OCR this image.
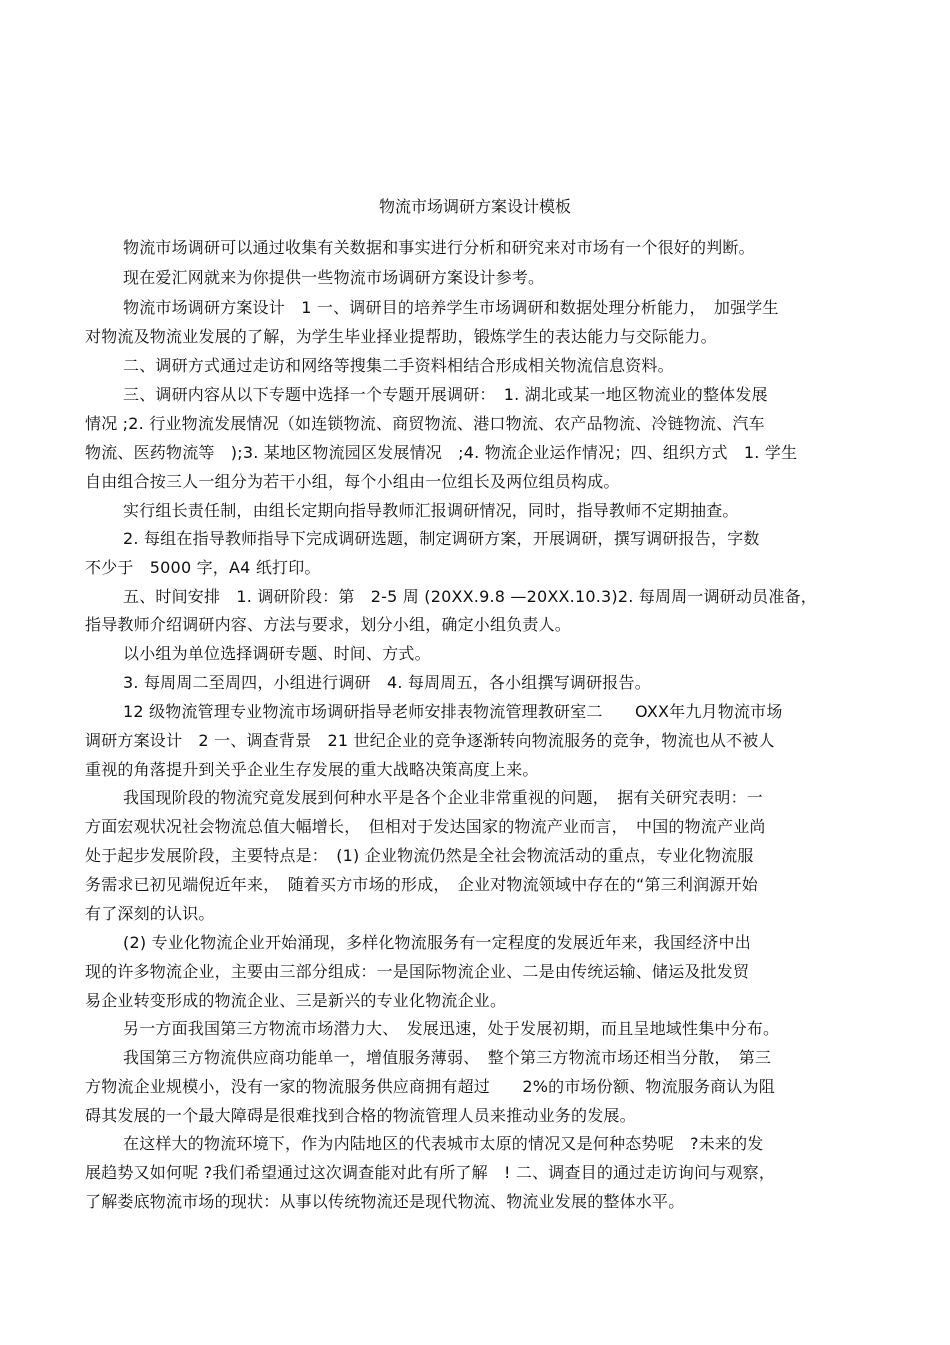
物流市场调研方案设计模板
物流市场调研可以通过收集有关数据和事实进行分析和研究来对市场有一个很好的判断。
现在爱汇网就来为你提供一些物流市场调研方案设计参考。
物流市场调研方案设计　1 一、调研目的培养学生市场调研和数据处理分析能力，　加强学生
对物流及物流业发展的了解，为学生毕业择业提帮助，锻炼学生的表达能力与交际能力。
二、调研方式通过走访和网络等搜集二手资料相结合形成相关物流信息资料。
三、调研内容从以下专题中选择一个专题开展调研：　1. 湖北或某一地区物流业的整体发展
情况 ;2. 行业物流发展情况（如连锁物流、商贸物流、港口物流、农产品物流、冷链物流、汽车
物流、医药物流等　);3. 某地区物流园区发展情况　;4. 物流企业运作情况；四、组织方式　1. 学生
自由组合按三人一组分为若干小组，每个小组由一位组长及两位组员构成。
实行组长责任制，由组长定期向指导教师汇报调研情况，同时，指导教师不定期抽查。
2. 每组在指导教师指导下完成调研选题，制定调研方案，开展调研，撰写调研报告，字数
不少于　5000 字，A4 纸打印。
五、时间安排　1. 调研阶段：第　2-5 周 (20XX.9.8 —20XX.10.3)2. 每周周一调研动员准备，
指导教师介绍调研内容、方法与要求，划分小组，确定小组负责人。
以小组为单位选择调研专题、时间、方式。
3. 每周周二至周四，小组进行调研　4. 每周周五，各小组撰写调研报告。
12 级物流管理专业物流市场调研指导老师安排表物流管理教研室二　　OXX年九月物流市场
调研方案设计　2 一、调查背景　21 世纪企业的竞争逐渐转向物流服务的竞争，物流也从不被人
重视的角落提升到关乎企业生存发展的重大战略决策高度上来。
我国现阶段的物流究竟发展到何种水平是各个企业非常重视的问题，　据有关研究表明：一
方面宏观状况社会物流总值大幅增长，　但相对于发达国家的物流产业而言，　中国的物流产业尚
处于起步发展阶段，主要特点是：　(1) 企业物流仍然是全社会物流活动的重点，专业化物流服
务需求已初见端倪近年来，　随着买方市场的形成，　企业对物流领域中存在的“第三利润源开始
有了深刻的认识。
(2) 专业化物流企业开始涌现，多样化物流服务有一定程度的发展近年来，我国经济中出
现的许多物流企业，主要由三部分组成：一是国际物流企业、二是由传统运输、储运及批发贸
易企业转变形成的物流企业、三是新兴的专业化物流企业。
另一方面我国第三方物流市场潜力大、　发展迅速，处于发展初期，而且呈地域性集中分布。
我国第三方物流供应商功能单一，增值服务薄弱、　整个第三方物流市场还相当分散，　第三
方物流企业规模小，没有一家的物流服务供应商拥有超过　　2%的市场份额、物流服务商认为阻
碍其发展的一个最大障碍是很难找到合格的物流管理人员来推动业务的发展。
在这样大的物流环境下，作为内陆地区的代表城市太原的情况又是何种态势呢　?未来的发
展趋势又如何呢 ?我们希望通过这次调查能对此有所了解　! 二、调查目的通过走访询问与观察，
了解娄底物流市场的现状：从事以传统物流还是现代物流、物流业发展的整体水平。
